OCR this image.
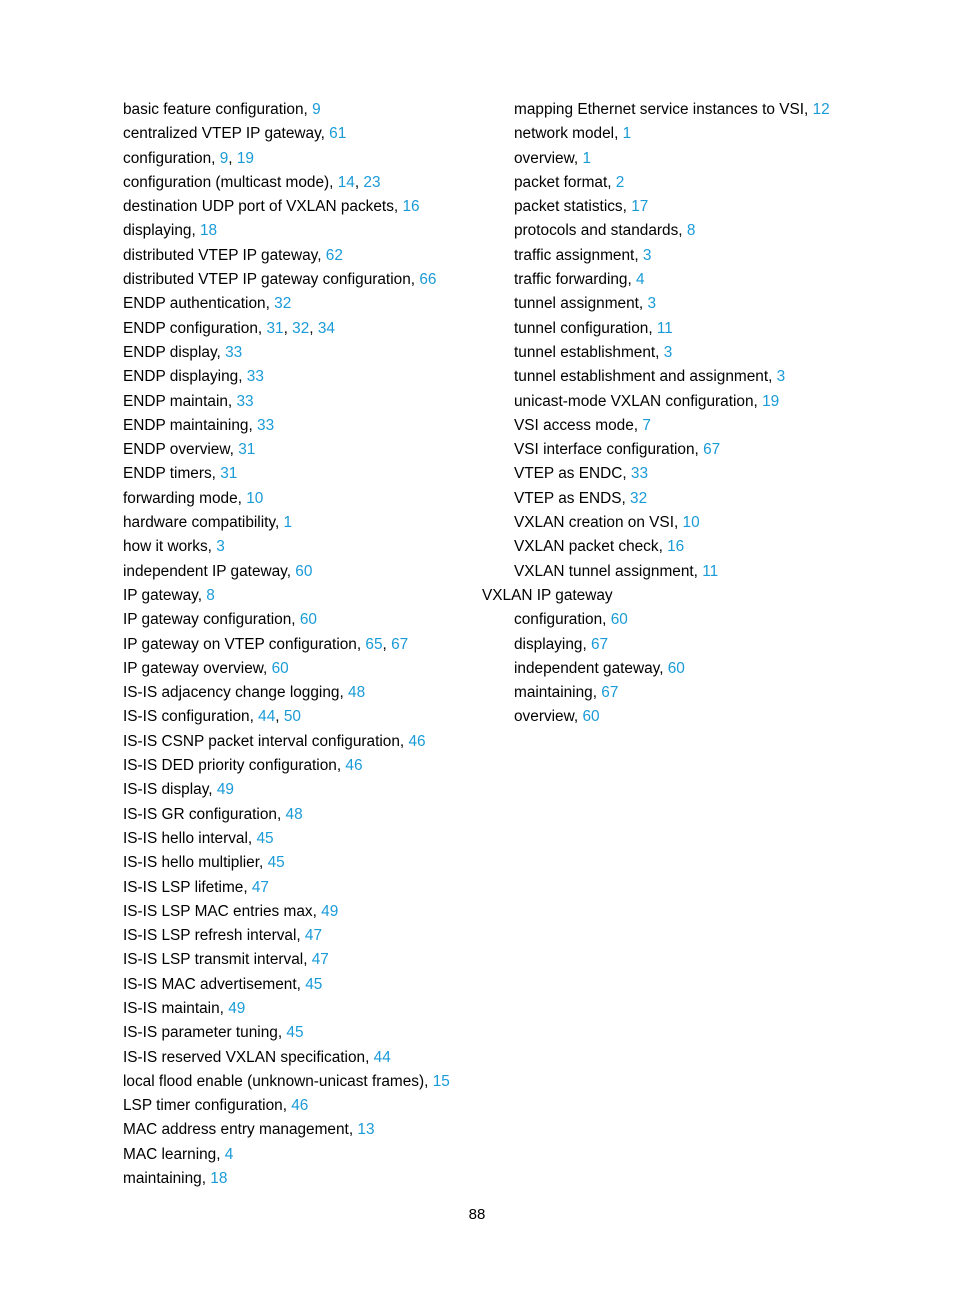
basic feature configuration, 9
centralized VTEP IP gateway, 61
configuration, 9, 19
configuration (multicast mode), 14, 23
destination UDP port of VXLAN packets, 16
displaying, 18
distributed VTEP IP gateway, 62
distributed VTEP IP gateway configuration, 66
ENDP authentication, 32
ENDP configuration, 31, 32, 34
ENDP display, 33
ENDP displaying, 33
ENDP maintain, 33
ENDP maintaining, 33
ENDP overview, 31
ENDP timers, 31
forwarding mode, 10
hardware compatibility, 1
how it works, 3
independent IP gateway, 60
IP gateway, 8
IP gateway configuration, 60
IP gateway on VTEP configuration, 65, 67
IP gateway overview, 60
IS-IS adjacency change logging, 48
IS-IS configuration, 44, 50
IS-IS CSNP packet interval configuration, 46
IS-IS DED priority configuration, 46
IS-IS display, 49
IS-IS GR configuration, 48
IS-IS hello interval, 45
IS-IS hello multiplier, 45
IS-IS LSP lifetime, 47
IS-IS LSP MAC entries max, 49
IS-IS LSP refresh interval, 47
IS-IS LSP transmit interval, 47
IS-IS MAC advertisement, 45
IS-IS maintain, 49
IS-IS parameter tuning, 45
IS-IS reserved VXLAN specification, 44
local flood enable (unknown-unicast frames), 15
LSP timer configuration, 46
MAC address entry management, 13
MAC learning, 4
maintaining, 18
mapping Ethernet service instances to VSI, 12
network model, 1
overview, 1
packet format, 2
packet statistics, 17
protocols and standards, 8
traffic assignment, 3
traffic forwarding, 4
tunnel assignment, 3
tunnel configuration, 11
tunnel establishment, 3
tunnel establishment and assignment, 3
unicast-mode VXLAN configuration, 19
VSI access mode, 7
VSI interface configuration, 67
VTEP as ENDC, 33
VTEP as ENDS, 32
VXLAN creation on VSI, 10
VXLAN packet check, 16
VXLAN tunnel assignment, 11
VXLAN IP gateway
configuration, 60
displaying, 67
independent gateway, 60
maintaining, 67
overview, 60
88
